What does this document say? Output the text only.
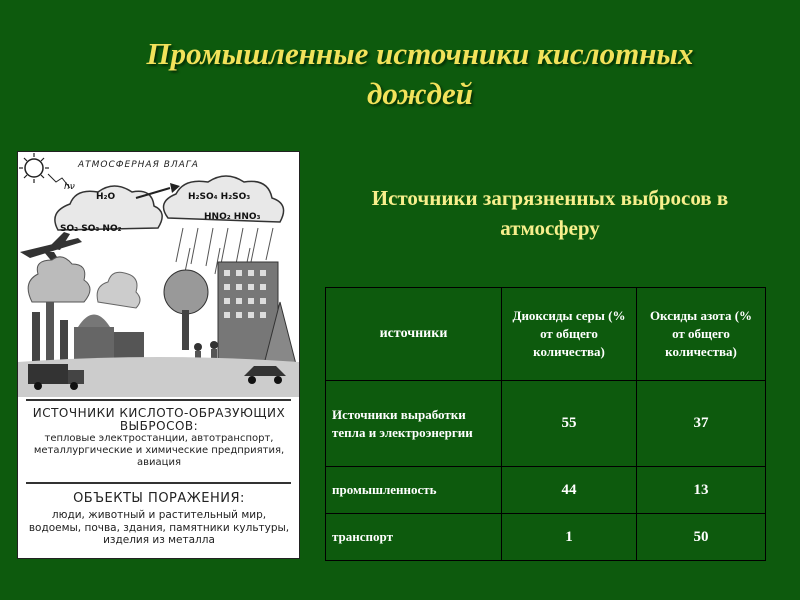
Промышленные источники кислотных дождей
Источники загрязненных выбросов в атмосферу
АТМОСФЕРНАЯ ВЛАГА
H₂O
hν
SO₂ SO₃ NO₂
H₂SO₄ H₂SO₃
HNO₂ HNO₃
ИСТОЧНИКИ КИСЛОТО-ОБРАЗУЮЩИХ ВЫБРОСОВ:
тепловые электростанции, автотранспорт, металлургические и химические предприятия, авиация
ОБЪЕКТЫ ПОРАЖЕНИЯ:
люди, животный и растительный мир, водоемы, почва, здания, памятники культуры, изделия из металла
источники	Диоксиды серы (% от общего количества)	Оксиды азота (% от общего количества)
Источники выработки тепла и электроэнергии	55	37
промышленность	44	13
транспорт	1	50
